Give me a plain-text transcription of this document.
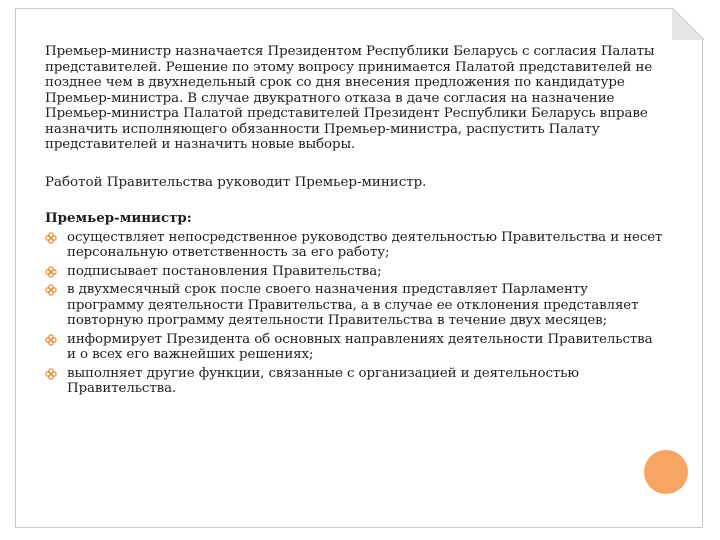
Премьер-министр назначается Президентом Республики Беларусь с согласия Палаты представителей. Решение по этому вопросу принимается Палатой представителей не позднее чем в двухнедельный срок со дня внесения предложения по кандидатуре Премьер-министра. В случае двукратного отказа в даче согласия на назначение Премьер-министра Палатой представителей Президент Республики Беларусь вправе назначить исполняющего обязанности Премьер-министра, распустить Палату представителей и назначить новые выборы.

Работой Правительства руководит Премьер-министр.

Премьер-министр:

осуществляет непосредственное руководство деятельностью Правительства и несет персональную ответственность за его работу;
подписывает постановления Правительства;
в двухмесячный срок после своего назначения представляет Парламенту программу деятельности Правительства, а в случае ее отклонения представляет повторную программу деятельности Правительства в течение двух месяцев;
информирует Президента об основных направлениях деятельности Правительства и о всех его важнейших решениях;
выполняет другие функции, связанные с организацией и деятельностью Правительства.
